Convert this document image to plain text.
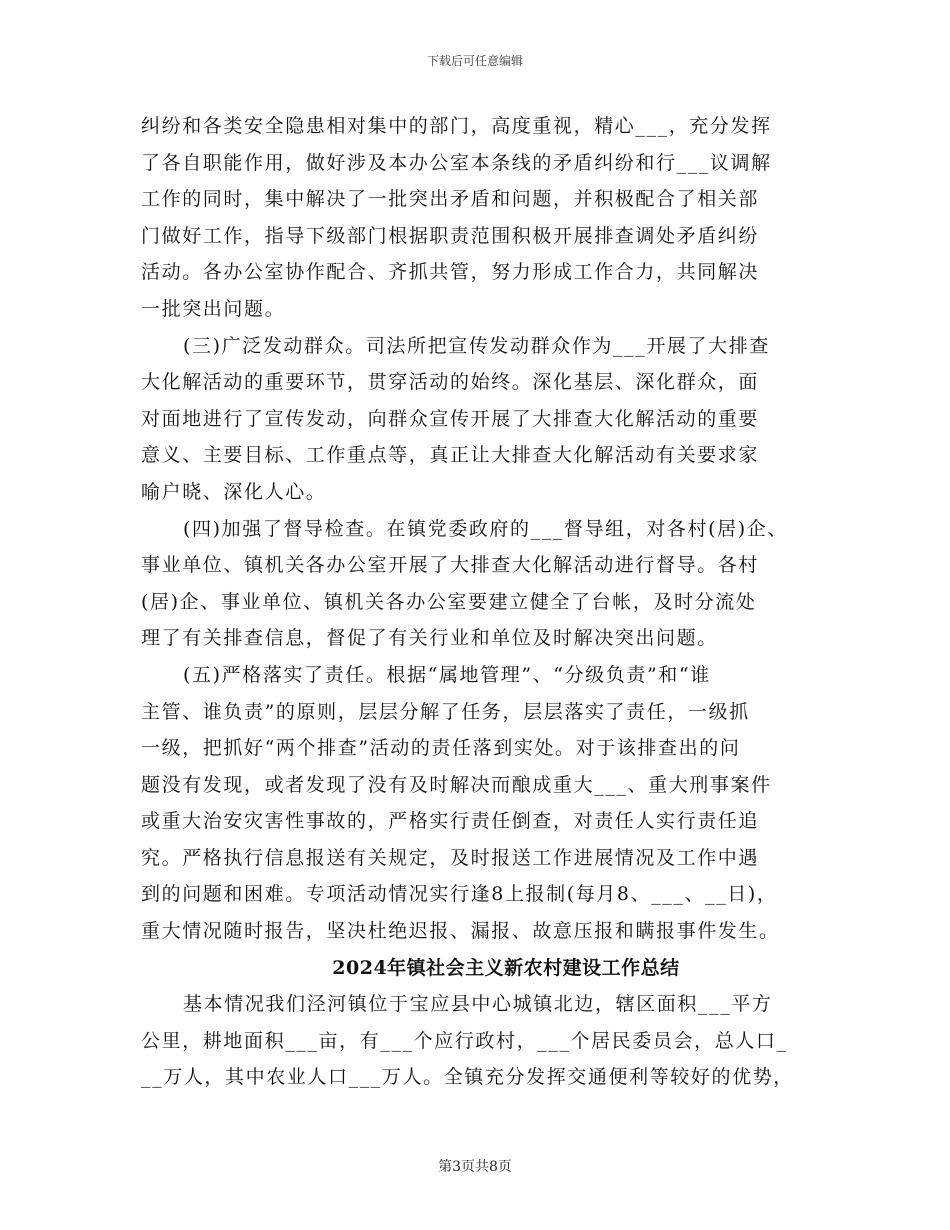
下载后可任意编辑
纠纷和各类安全隐患相对集中的部门，高度重视，精心___，充分发挥
了各自职能作用，做好涉及本办公室本条线的矛盾纠纷和行___议调解
工作的同时，集中解决了一批突出矛盾和问题，并积极配合了相关部
门做好工作，指导下级部门根据职责范围积极开展排查调处矛盾纠纷
活动。各办公室协作配合、齐抓共管，努力形成工作合力，共同解决
一批突出问题。
(三)广泛发动群众。司法所把宣传发动群众作为___开展了大排查
大化解活动的重要环节，贯穿活动的始终。深化基层、深化群众，面
对面地进行了宣传发动，向群众宣传开展了大排查大化解活动的重要
意义、主要目标、工作重点等，真正让大排查大化解活动有关要求家
喻户晓、深化人心。
(四)加强了督导检查。在镇党委政府的___督导组，对各村(居)企、
事业单位、镇机关各办公室开展了大排查大化解活动进行督导。各村
(居)企、事业单位、镇机关各办公室要建立健全了台帐，及时分流处
理了有关排查信息，督促了有关行业和单位及时解决突出问题。
(五)严格落实了责任。根据“属地管理”、“分级负责”和“谁
主管、谁负责”的原则，层层分解了任务，层层落实了责任，一级抓
一级，把抓好“两个排查”活动的责任落到实处。对于该排查出的问
题没有发现，或者发现了没有及时解决而酿成重大___、重大刑事案件
或重大治安灾害性事故的，严格实行责任倒查，对责任人实行责任追
究。严格执行信息报送有关规定，及时报送工作进展情况及工作中遇
到的问题和困难。专项活动情况实行逢8上报制(每月8、___、__日)，
重大情况随时报告，坚决杜绝迟报、漏报、故意压报和瞒报事件发生。
2024年镇社会主义新农村建设工作总结
基本情况我们泾河镇位于宝应县中心城镇北边，辖区面积___平方
公里，耕地面积___亩，有___个应行政村，___个居民委员会，总人口_
__万人，其中农业人口___万人。全镇充分发挥交通便利等较好的优势，
第3页共8页
